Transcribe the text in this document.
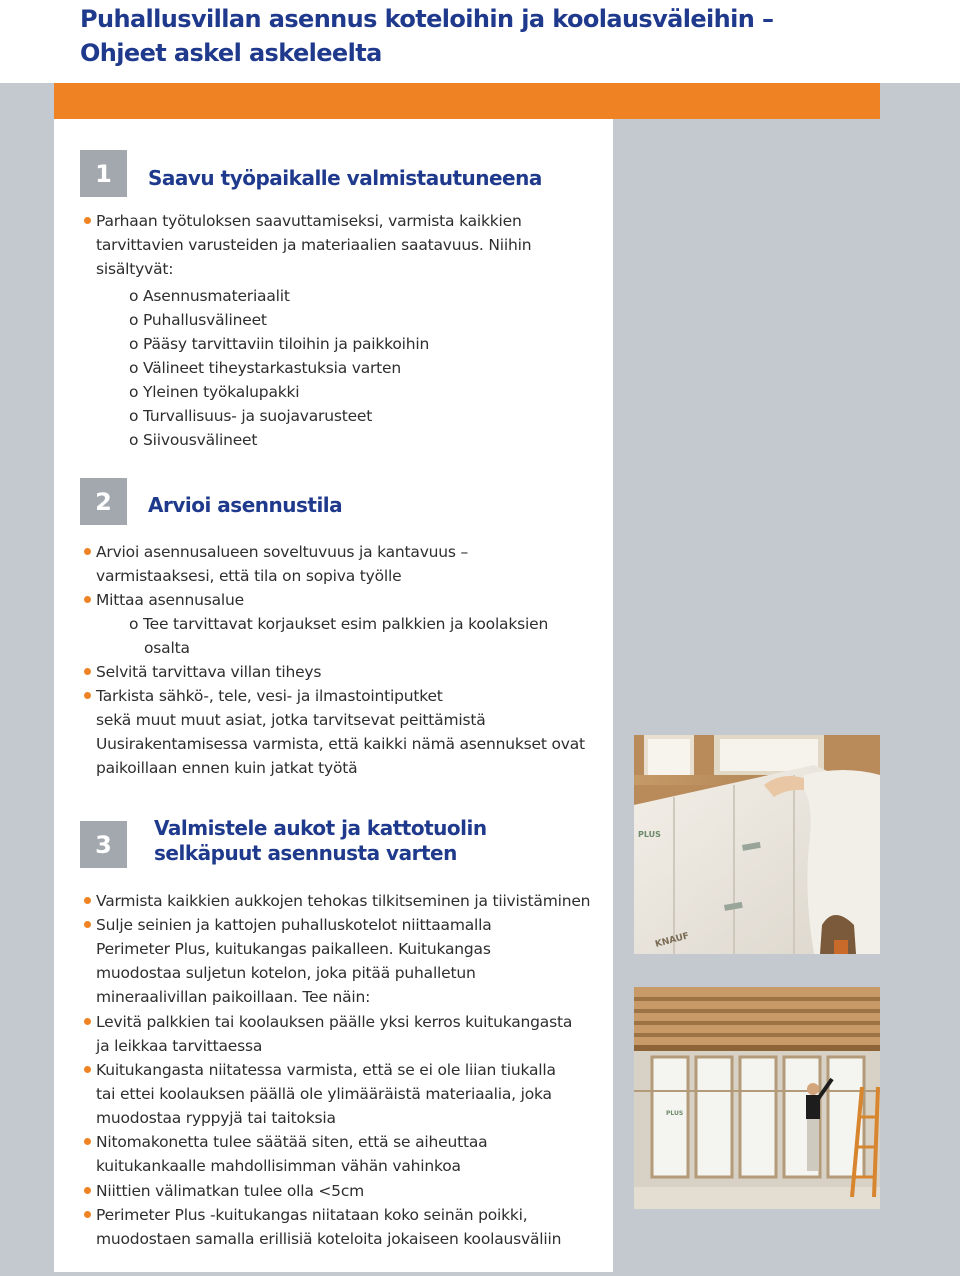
Puhallusvillan asennus koteloihin ja koolausväleihin –
Ohjeet askel askeleelta
1	Saavu työpaikalle valmistautuneena
Parhaan työtuloksen saavuttamiseksi, varmista kaikkien
tarvittavien varusteiden ja materiaalien saatavuus. Niihin
sisältyvät:
o Asennusmateriaalit
o Puhallusvälineet
o Pääsy tarvittaviin tiloihin ja paikkoihin
o Välineet tiheystarkastuksia varten
o Yleinen työkalupakki
o Turvallisuus- ja suojavarusteet
o Siivousvälineet
2	Arvioi asennustila
Arvioi asennusalueen soveltuvuus ja kantavuus –
varmistaaksesi, että tila on sopiva työlle
Mittaa asennusalue
o Tee tarvittavat korjaukset esim palkkien ja koolaksien
osalta
Selvitä tarvittava villan tiheys
Tarkista sähkö-, tele, vesi- ja ilmastointiputket
sekä muut muut asiat, jotka tarvitsevat peittämistä
Uusirakentamisessa varmista, että kaikki nämä asennukset ovat
paikoillaan ennen kuin jatkat työtä
3
Valmistele aukot ja kattotuolin
selkäpuut asennusta varten
Varmista kaikkien aukkojen tehokas tilkitseminen ja tiivistäminen
Sulje seinien ja kattojen puhalluskotelot niittaamalla
Perimeter Plus, kuitukangas paikalleen. Kuitukangas
muodostaa suljetun kotelon, joka pitää puhalletun
mineraalivillan paikoillaan. Tee näin:
Levitä palkkien tai koolauksen päälle yksi kerros kuitukangasta
ja leikkaa tarvittaessa
Kuitukangasta niitatessa varmista, että se ei ole liian tiukalla
tai ettei koolauksen päällä ole ylimääräistä materiaalia, joka
muodostaa ryppyjä tai taitoksia
Nitomakonetta tulee säätää siten, että se aiheuttaa
kuitukankaalle mahdollisimman vähän vahinkoa
Niittien välimatkan tulee olla <5cm
Perimeter Plus -kuitukangas niitataan koko seinän poikki,
muodostaen samalla erillisiä koteloita jokaiseen koolausväliin
PLUS
KNAUF
PLUS
